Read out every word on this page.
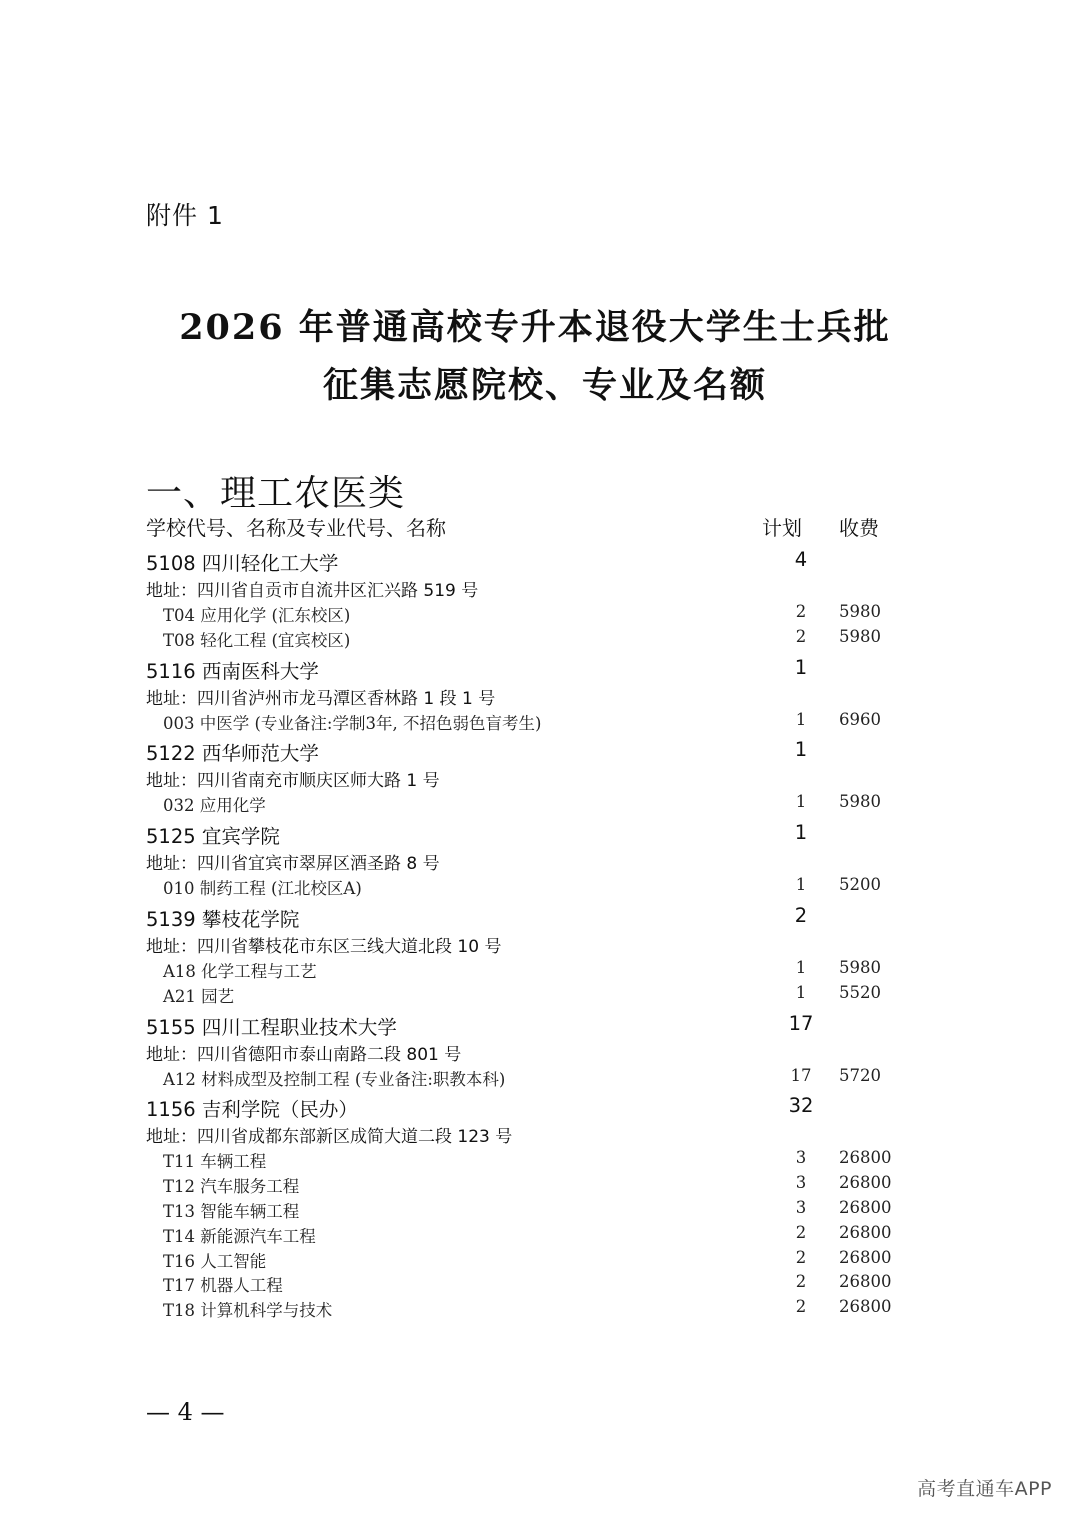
附件 1
2026 年普通高校专升本退役大学生士兵批
征集志愿院校、专业及名额
一、理工农医类
学校代号、名称及专业代号、名称	计划 收费
5108 四川轻化工大学	4
地址：四川省自贡市自流井区汇兴路 519 号
T04 应用化学 (汇东校区)	2	5980
T08 轻化工程 (宜宾校区)	2	5980
5116 西南医科大学	1
地址：四川省泸州市龙马潭区香林路 1 段 1 号
003 中医学 (专业备注:学制3年, 不招色弱色盲考生)	1	6960
5122 西华师范大学	1
地址：四川省南充市顺庆区师大路 1 号
032 应用化学	1	5980
5125 宜宾学院	1
地址：四川省宜宾市翠屏区酒圣路 8 号
010 制药工程 (江北校区A)	1	5200
5139 攀枝花学院	2
地址：四川省攀枝花市东区三线大道北段 10 号
A18 化学工程与工艺	1	5980
A21 园艺	1	5520
5155 四川工程职业技术大学	17
地址：四川省德阳市泰山南路二段 801 号
A12 材料成型及控制工程 (专业备注:职教本科)	17 5720
1156 吉利学院（民办）	32
地址：四川省成都东部新区成简大道二段 123 号
T11 车辆工程	3	26800
T12 汽车服务工程	3	26800
T13 智能车辆工程	3	26800
T14 新能源汽车工程	2	26800
T16 人工智能	2	26800
T17 机器人工程	2	26800
T18 计算机科学与技术	2	26800
— 4 —
高考直通车APP
